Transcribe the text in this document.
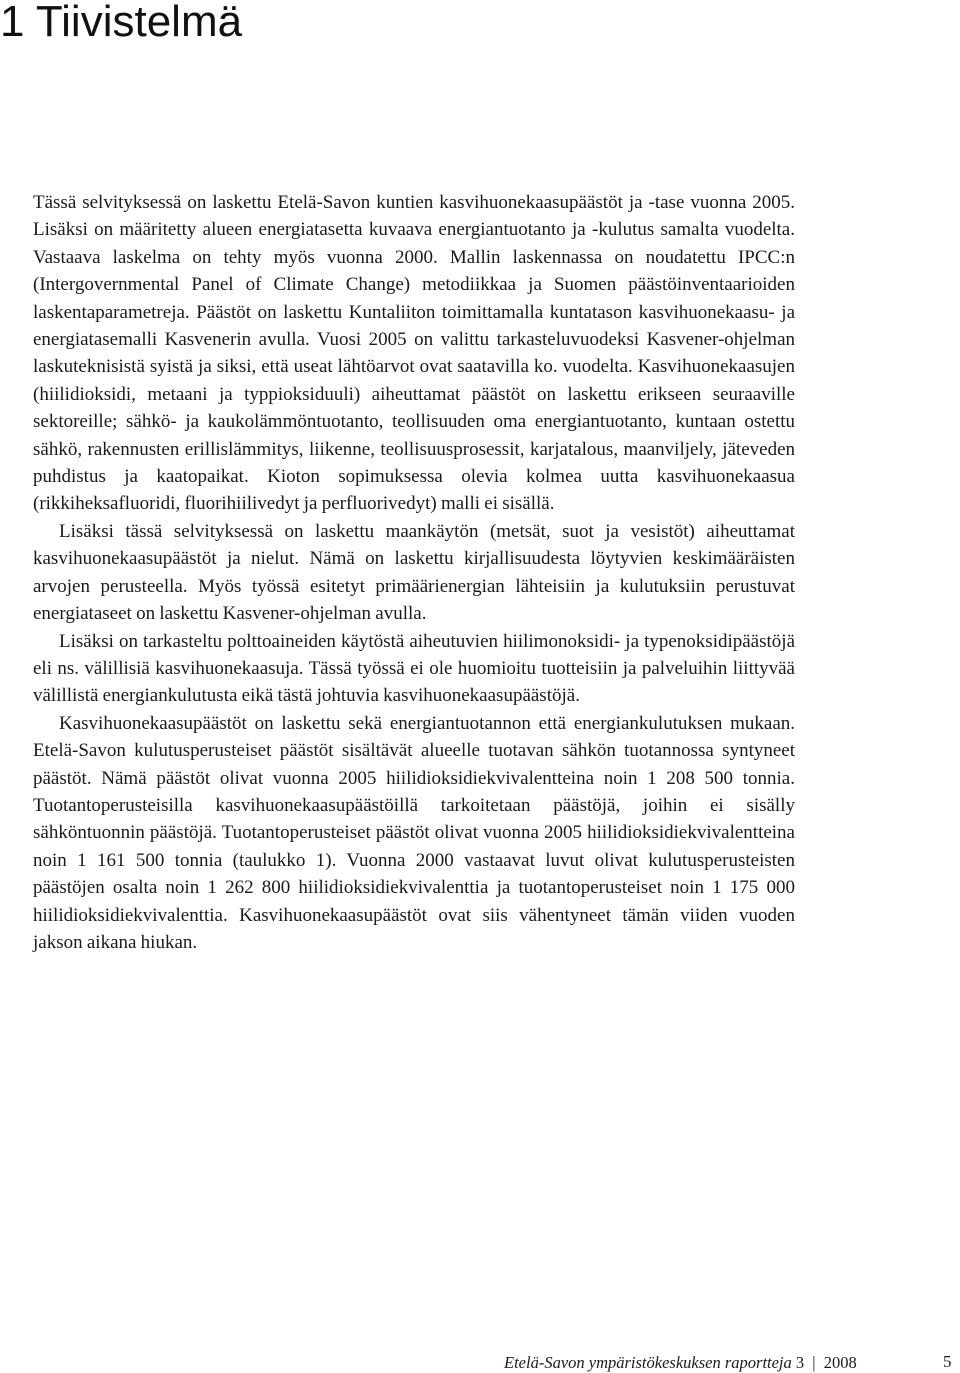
1 Tiivistelmä

Tässä selvityksessä on laskettu Etelä-Savon kuntien kasvihuonekaasupäästöt ja -tase vuonna 2005. Lisäksi on määritetty alueen energiatasetta kuvaava energiantuotanto ja -kulutus samalta vuodelta. Vastaava laskelma on tehty myös vuonna 2000. Mallin laskennassa on noudatettu IPCC:n (Intergovernmental Panel of Climate Change) metodiikkaa ja Suomen päästöinventaarioiden laskentaparametreja. Päästöt on laskettu Kuntaliiton toimittamalla kuntatason kasvihuonekaasu- ja energiatasemalli Kasvenerin avulla. Vuosi 2005 on valittu tarkasteluvuodeksi Kasvener-ohjelman laskuteknisistä syistä ja siksi, että useat lähtöarvot ovat saatavilla ko. vuodelta. Kasvihuonekaasujen (hiilidioksidi, metaani ja typpioksiduuli) aiheuttamat päästöt on laskettu erikseen seuraaville sektoreille; sähkö- ja kaukolämmöntuotanto, teollisuuden oma energiantuotanto, kuntaan ostettu sähkö, rakennusten erillislämmitys, liikenne, teollisuusprosessit, karjatalous, maanviljely, jäteveden puhdistus ja kaatopaikat. Kioton sopimuksessa olevia kolmea uutta kasvihuonekaasua (rikkiheksafluoridi, fluorihiilivedyt ja perfluorivedyt) malli ei sisällä.

Lisäksi tässä selvityksessä on laskettu maankäytön (metsät, suot ja vesistöt) aiheuttamat kasvihuonekaasupäästöt ja nielut. Nämä on laskettu kirjallisuudesta löytyvien keskimääräisten arvojen perusteella. Myös työssä esitetyt primäärienergian lähteisiin ja kulutuksiin perustuvat energiataseet on laskettu Kasvener-ohjelman avulla.

Lisäksi on tarkasteltu polttoaineiden käytöstä aiheutuvien hiilimonoksidi- ja typenoksidipäästöjä eli ns. välillisiä kasvihuonekaasuja. Tässä työssä ei ole huomioitu tuotteisiin ja palveluihin liittyvää välillistä energiankulutusta eikä tästä johtuvia kasvihuonekaasupäästöjä.

Kasvihuonekaasupäästöt on laskettu sekä energiantuotannon että energiankulutuksen mukaan. Etelä-Savon kulutusperusteiset päästöt sisältävät alueelle tuotavan sähkön tuotannossa syntyneet päästöt. Nämä päästöt olivat vuonna 2005 hiilidioksidiekvivalentteina noin 1 208 500 tonnia. Tuotantoperusteisilla kasvihuonekaasupäästöillä tarkoitetaan päästöjä, joihin ei sisälly sähköntuonnin päästöjä. Tuotantoperusteiset päästöt olivat vuonna 2005 hiilidioksidiekvivalentteina noin 1 161 500 tonnia (taulukko 1). Vuonna 2000 vastaavat luvut olivat kulutusperusteisten päästöjen osalta noin 1 262 800 hiilidioksidiekvivalenttia ja tuotantoperusteiset noin 1 175 000 hiilidioksidiekvivalenttia. Kasvihuonekaasupäästöt ovat siis vähentyneet tämän viiden vuoden jakson aikana hiukan.

Etelä-Savon ympäristökeskuksen raportteja 3 | 2008	5
